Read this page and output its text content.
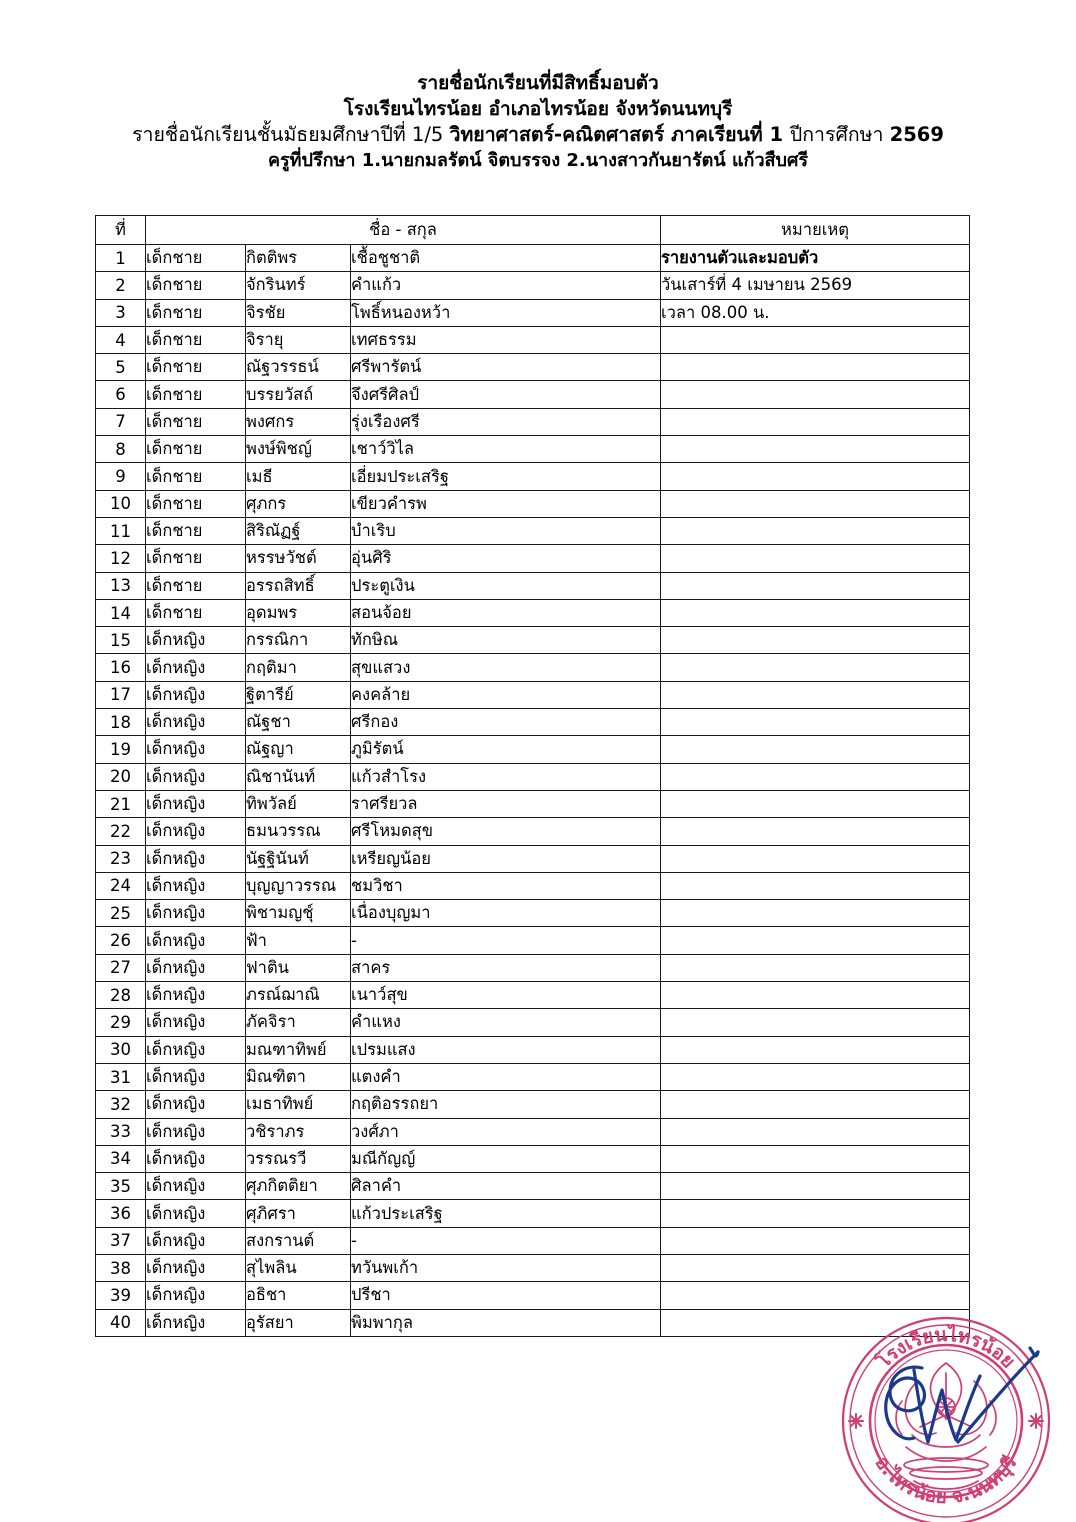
รายชื่อนักเรียนที่มีสิทธิ์มอบตัว
โรงเรียนไทรน้อย อำเภอไทรน้อย จังหวัดนนทบุรี
รายชื่อนักเรียนชั้นมัธยมศึกษาปีที่ 1/5 วิทยาศาสตร์-คณิตศาสตร์ ภาคเรียนที่ 1 ปีการศึกษา 2569
ครูที่ปรึกษา 1.นายกมลรัตน์ จิตบรรจง 2.นางสาวกันยารัตน์ แก้วสืบศรี
ที่	ชื่อ - สกุล			หมายเหตุ
1	เด็กชาย	กิตติพร	เชื้อชูชาติ	รายงานตัวและมอบตัว
2	เด็กชาย	จักรินทร์	คำแก้ว	วันเสาร์ที่ 4 เมษายน 2569
3	เด็กชาย	จิรชัย	โพธิ์หนองหว้า	เวลา 08.00 น.
4	เด็กชาย	จิรายุ	เทศธรรม	
5	เด็กชาย	ณัฐวรรธน์	ศรีพารัตน์	
6	เด็กชาย	บรรยวัสถ์	จึงศรีศิลป์	
7	เด็กชาย	พงศกร	รุ่งเรืองศรี	
8	เด็กชาย	พงษ์พิชญ์	เชาว์วิไล	
9	เด็กชาย	เมธี	เอี่ยมประเสริฐ	
10	เด็กชาย	ศุภกร	เขียวคำรพ	
11	เด็กชาย	สิริณัฏฐ์	บำเริบ	
12	เด็กชาย	หรรษวัชต์	อุ่นศิริ	
13	เด็กชาย	อรรถสิทธิ์	ประตูเงิน	
14	เด็กชาย	อุดมพร	สอนจ้อย	
15	เด็กหญิง	กรรณิกา	ทักษิณ	
16	เด็กหญิง	กฤติมา	สุขแสวง	
17	เด็กหญิง	ฐิตารีย์	คงคล้าย	
18	เด็กหญิง	ณัฐชา	ศรีกอง	
19	เด็กหญิง	ณัฐญา	ภูมิรัตน์	
20	เด็กหญิง	ณิชานันท์	แก้วสำโรง	
21	เด็กหญิง	ทิพวัลย์	ราศรียวล	
22	เด็กหญิง	ธมนวรรณ	ศรีโหมดสุข	
23	เด็กหญิง	นัฐฐินันท์	เหรียญน้อย	
24	เด็กหญิง	บุญญาวรรณ	ชมวิชา	
25	เด็กหญิง	พิชามญชุ์	เนื่องบุญมา	
26	เด็กหญิง	ฟ้า	-	
27	เด็กหญิง	ฟาติน	สาคร	
28	เด็กหญิง	ภรณ์ฌาณิ	เนาว์สุข	
29	เด็กหญิง	ภัคจิรา	คำแหง	
30	เด็กหญิง	มณฑาทิพย์	เปรมแสง	
31	เด็กหญิง	มิณฑิตา	แตงคำ	
32	เด็กหญิง	เมธาทิพย์	กฤติอรรถยา	
33	เด็กหญิง	วชิราภร	วงศ์ภา	
34	เด็กหญิง	วรรณรวี	มณีกัญญ์	
35	เด็กหญิง	ศุภกิตติยา	ศิลาคำ	
36	เด็กหญิง	ศุภิศรา	แก้วประเสริฐ	
37	เด็กหญิง	สงกรานต์	-	
38	เด็กหญิง	สุไพลิน	ทวันพเก้า	
39	เด็กหญิง	อธิชา	ปรีชา	
40	เด็กหญิง	อุรัสยา	พิมพากุล	
โรงเรียนไทรน้อย
อ.ไทรน้อย จ.นนทบุรี
